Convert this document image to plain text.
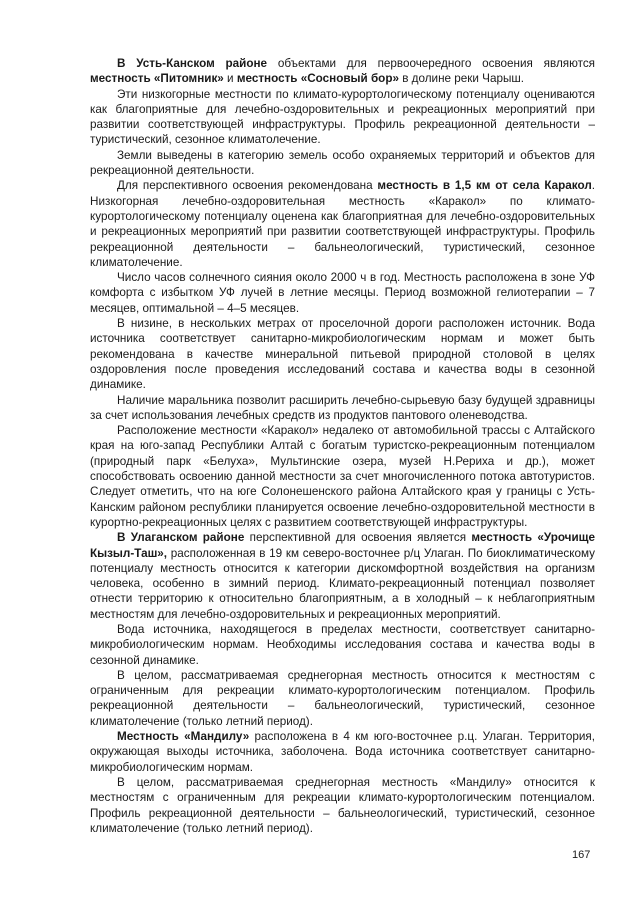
В Усть-Канском районе объектами для первоочередного освоения являются местность «Питомник» и местность «Сосновый бор» в долине реки Чарыш.

Эти низкогорные местности по климато-курортологическому потенциалу оцениваются как благоприятные для лечебно-оздоровительных и рекреационных мероприятий при развитии соответствующей инфраструктуры. Профиль рекреационной деятельности – туристический, сезонное климатолечение.

Земли выведены в категорию земель особо охраняемых территорий и объектов для рекреационной деятельности.

Для перспективного освоения рекомендована местность в 1,5 км от села Каракол. Низкогорная лечебно-оздоровительная местность «Каракол» по климато-курортологическому потенциалу оценена как благоприятная для лечебно-оздоровительных и рекреационных мероприятий при развитии соответствующей инфраструктуры. Профиль рекреационной деятельности – бальнеологический, туристический, сезонное климатолечение.

Число часов солнечного сияния около 2000 ч в год. Местность расположена в зоне УФ комфорта с избытком УФ лучей в летние месяцы. Период возможной гелиотерапии – 7 месяцев, оптимальной – 4–5 месяцев.

В низине, в нескольких метрах от проселочной дороги расположен источник. Вода источника соответствует санитарно-микробиологическим нормам и может быть рекомендована в качестве минеральной питьевой природной столовой в целях оздоровления после проведения исследований состава и качества воды в сезонной динамике.

Наличие маральника позволит расширить лечебно-сырьевую базу будущей здравницы за счет использования лечебных средств из продуктов пантового оленеводства.

Расположение местности «Каракол» недалеко от автомобильной трассы с Алтайского края на юго-запад Республики Алтай с богатым туристско-рекреационным потенциалом (природный парк «Белуха», Мультинские озера, музей Н.Рериха и др.), может способствовать освоению данной местности за счет многочисленного потока автотуристов. Следует отметить, что на юге Солонешенского района Алтайского края у границы с Усть-Канским районом республики планируется освоение лечебно-оздоровительной местности в курортно-рекреационных целях с развитием соответствующей инфраструктуры.

В Улаганском районе перспективной для освоения является местность «Урочище Кызыл-Таш», расположенная в 19 км северо-восточнее р/ц Улаган. По биоклиматическому потенциалу местность относится к категории дискомфортной воздействия на организм человека, особенно в зимний период. Климато-рекреационный потенциал позволяет отнести территорию к относительно благоприятным, а в холодный – к неблагоприятным местностям для лечебно-оздоровительных и рекреационных мероприятий.

Вода источника, находящегося в пределах местности, соответствует санитарно-микробиологическим нормам. Необходимы исследования состава и качества воды в сезонной динамике.

В целом, рассматриваемая среднегорная местность относится к местностям с ограниченным для рекреации климато-курортологическим потенциалом. Профиль рекреационной деятельности – бальнеологический, туристический, сезонное климатолечение (только летний период).

Местность «Мандилу» расположена в 4 км юго-восточнее р.ц. Улаган. Территория, окружающая выходы источника, заболочена. Вода источника соответствует санитарно-микробиологическим нормам.

В целом, рассматриваемая среднегорная местность «Мандилу» относится к местностям с ограниченным для рекреации климато-курортологическим потенциалом. Профиль рекреационной деятельности – бальнеологический, туристический, сезонное климатолечение (только летний период).

167
